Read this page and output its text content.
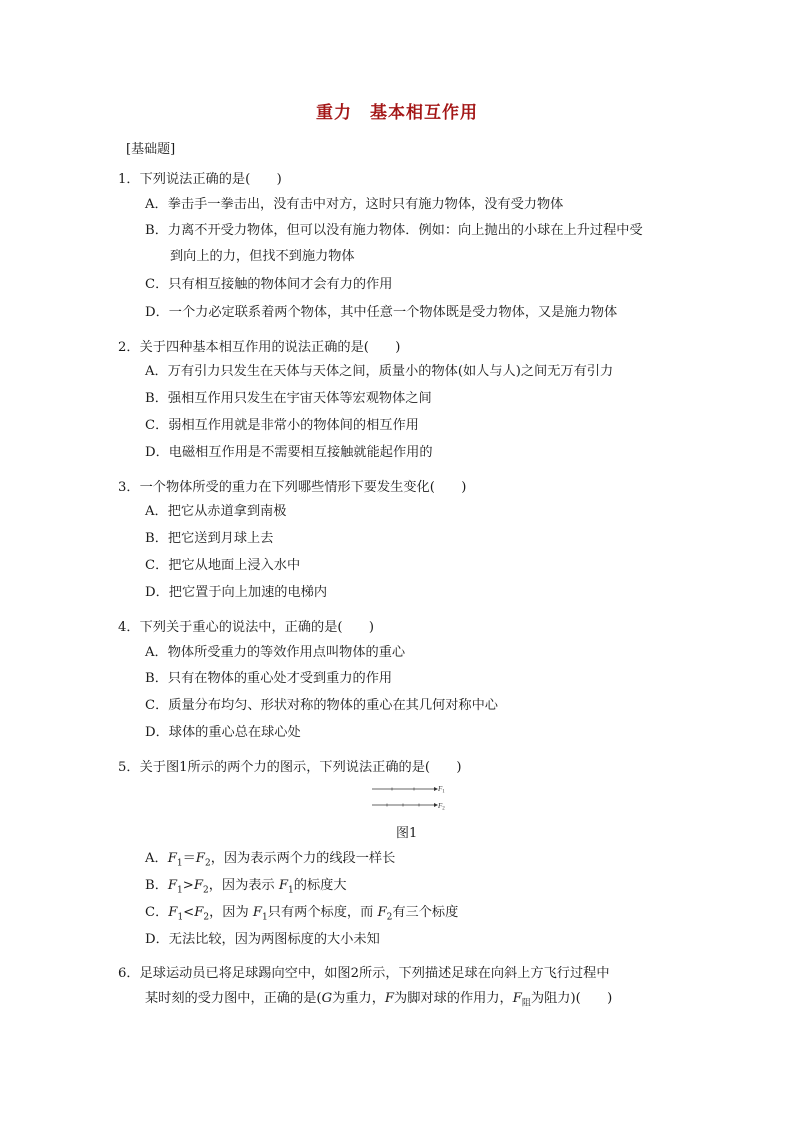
重力 基本相互作用
[基础题]
1．下列说法正确的是(　　)
A．拳击手一拳击出，没有击中对方，这时只有施力物体，没有受力物体
B．力离不开受力物体，但可以没有施力物体．例如：向上抛出的小球在上升过程中受
到向上的力，但找不到施力物体
C．只有相互接触的物体间才会有力的作用
D．一个力必定联系着两个物体，其中任意一个物体既是受力物体，又是施力物体
2．关于四种基本相互作用的说法正确的是(　　)
A．万有引力只发生在天体与天体之间，质量小的物体(如人与人)之间无万有引力
B．强相互作用只发生在宇宙天体等宏观物体之间
C．弱相互作用就是非常小的物体间的相互作用
D．电磁相互作用是不需要相互接触就能起作用的
3．一个物体所受的重力在下列哪些情形下要发生变化(　　)
A．把它从赤道拿到南极
B．把它送到月球上去
C．把它从地面上浸入水中
D．把它置于向上加速的电梯内
4．下列关于重心的说法中，正确的是(　　)
A．物体所受重力的等效作用点叫物体的重心
B．只有在物体的重心处才受到重力的作用
C．质量分布均匀、形状对称的物体的重心在其几何对称中心
D．球体的重心总在球心处
5．关于图1所示的两个力的图示，下列说法正确的是(　　)
$F_1$
$F_2$
图1
A．$F_1=F_2$，因为表示两个力的线段一样长
B．$F_1>F_2$，因为表示 $F_1$的标度大
C．$F_1<F_2$，因为 $F_1$只有两个标度，而 $F_2$有三个标度
D．无法比较，因为两图标度的大小未知
6．足球运动员已将足球踢向空中，如图2所示，下列描述足球在向斜上方飞行过程中
某时刻的受力图中，正确的是(G为重力，F为脚对球的作用力，$F_阻$为阻力)(　　)
